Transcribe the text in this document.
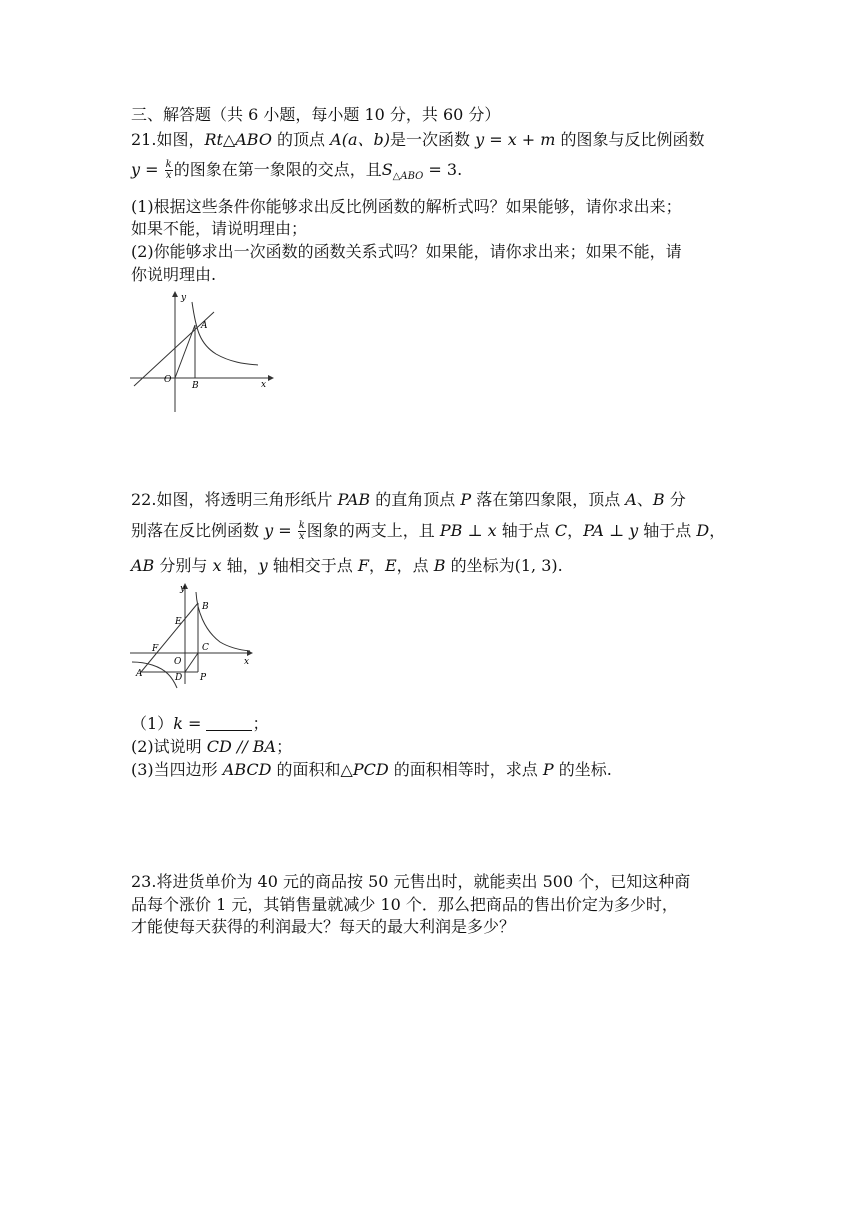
三、解答题（共 6 小题，每小题 10 分，共 60 分）
21.如图，Rt△ABO 的顶点 A(a、b)是一次函数 y = x + m 的图象与反比例函数
$y = \frac{k}{x}$ 的图象在第一象限的交点，且$S_{\triangle ABO} = 3$.
(1)根据这些条件你能够求出反比例函数的解析式吗？如果能够，请你求出来；
如果不能，请说明理由；
(2)你能够求出一次函数的函数关系式吗？如果能，请你求出来；如果不能，请
你说明理由.
y
x
A
O
B
22.如图，将透明三角形纸片 PAB 的直角顶点 P 落在第四象限，顶点 A、B 分
别落在反比例函数 $y = \frac{k}{x}$ 图象的两支上，且 PB ⊥ x 轴于点 C，PA ⊥ y 轴于点 D，
AB 分别与 x 轴，y 轴相交于点 F，E，点 B 的坐标为(1, 3).
y
x
B
E
F
O
C
A	D P
（1）k =	；
(2)试说明 CD // BA；
(3)当四边形 ABCD 的面积和△PCD 的面积相等时，求点 P 的坐标.
23.将进货单价为 40 元的商品按 50 元售出时，就能卖出 500 个，已知这种商
品每个涨价 1 元，其销售量就减少 10 个．那么把商品的售出价定为多少时，
才能使每天获得的利润最大？每天的最大利润是多少？
